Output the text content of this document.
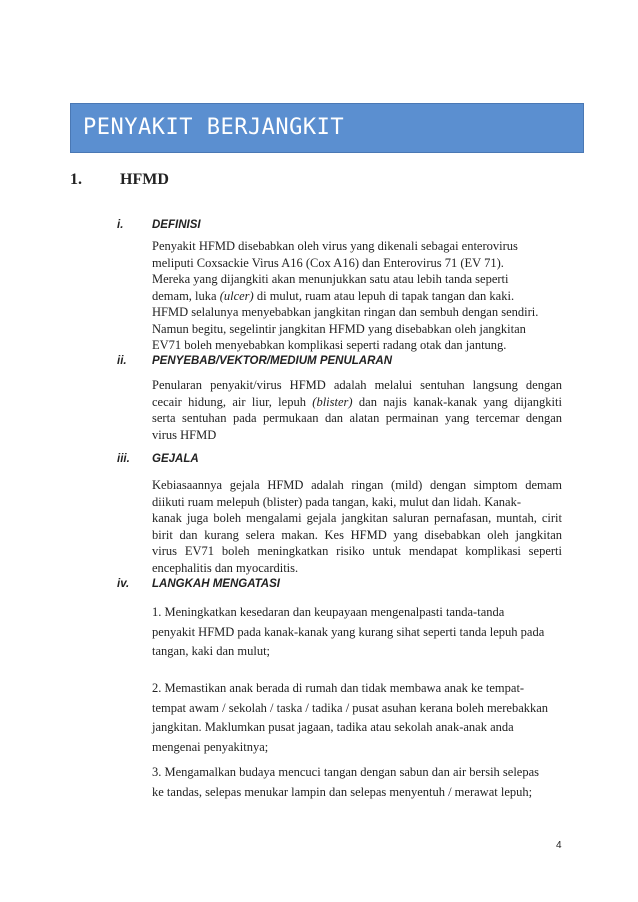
PENYAKIT BERJANGKIT
1. HFMD
i. DEFINISI
Penyakit HFMD disebabkan oleh virus yang dikenali sebagai enterovirus
meliputi Coxsackie Virus A16 (Cox A16) dan Enterovirus 71 (EV 71).
Mereka yang dijangkiti akan menunjukkan satu atau lebih tanda seperti
demam, luka (ulcer) di mulut, ruam atau lepuh di tapak tangan dan kaki.
HFMD selalunya menyebabkan jangkitan ringan dan sembuh dengan sendiri.
Namun begitu, segelintir jangkitan HFMD yang disebabkan oleh jangkitan
EV71 boleh menyebabkan komplikasi seperti radang otak dan jantung.
ii. PENYEBAB/VEKTOR/MEDIUM PENULARAN
Penularan penyakit/virus HFMD adalah melalui sentuhan langsung dengan
cecair hidung, air liur, lepuh (blister) dan najis kanak-kanak yang dijangkiti
serta sentuhan pada permukaan dan alatan permainan yang tercemar dengan
virus HFMD
iii. GEJALA
Kebiasaannya gejala HFMD adalah ringan (mild) dengan simptom demam
diikuti ruam melepuh (blister) pada tangan, kaki, mulut dan lidah. Kanak-
kanak juga boleh mengalami gejala jangkitan saluran pernafasan, muntah, cirit
birit dan kurang selera makan. Kes HFMD yang disebabkan oleh jangkitan
virus EV71 boleh meningkatkan risiko untuk mendapat komplikasi seperti
encephalitis dan myocarditis.
iv. LANGKAH MENGATASI
1. Meningkatkan kesedaran dan keupayaan mengenalpasti tanda-tanda
penyakit HFMD pada kanak-kanak yang kurang sihat seperti tanda lepuh pada
tangan, kaki dan mulut;
2. Memastikan anak berada di rumah dan tidak membawa anak ke tempat-
tempat awam / sekolah / taska / tadika / pusat asuhan kerana boleh merebakkan
jangkitan. Maklumkan pusat jagaan, tadika atau sekolah anak-anak anda
mengenai penyakitnya;
3. Mengamalkan budaya mencuci tangan dengan sabun dan air bersih selepas
ke tandas, selepas menukar lampin dan selepas menyentuh / merawat lepuh;
4
